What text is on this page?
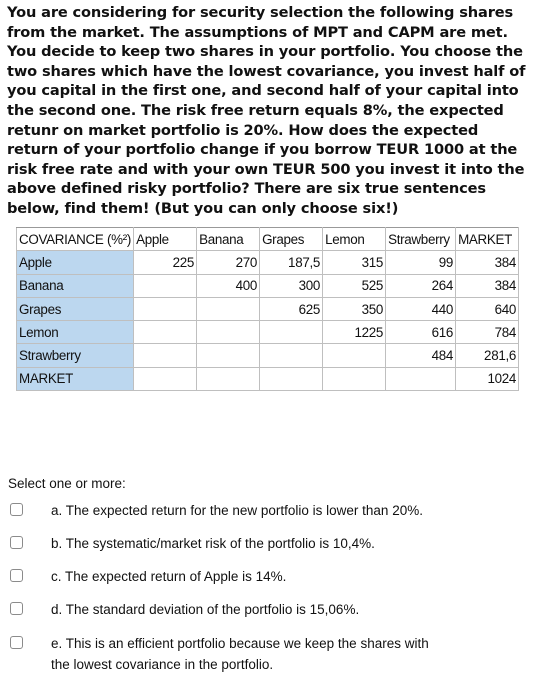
You are considering for security selection the following shares
from the market. The assumptions of MPT and CAPM are met.
You decide to keep two shares in your portfolio. You choose the
two shares which have the lowest covariance, you invest half of
you capital in the first one, and second half of your capital into
the second one. The risk free return equals 8%, the expected
retunr on market portfolio is 20%. How does the expected
return of your portfolio change if you borrow TEUR 1000 at the
risk free rate and with your own TEUR 500 you invest it into the
above defined risky portfolio? There are six true sentences
below, find them! (But you can only choose six!)
COVARIANCE (%²)	Apple	Banana	Grapes	Lemon	Strawberry	MARKET
Apple	225	270	187,5	315	99	384
Banana		400	300	525	264	384
Grapes			625	350	440	640
Lemon				1225	616	784
Strawberry					484	281,6
MARKET						1024
Select one or more:
a. The expected return for the new portfolio is lower than 20%.
b. The systematic/market risk of the portfolio is 10,4%.
c. The expected return of Apple is 14%.
d. The standard deviation of the portfolio is 15,06%.
e. This is an efficient portfolio because we keep the shares with
the lowest covariance in the portfolio.
